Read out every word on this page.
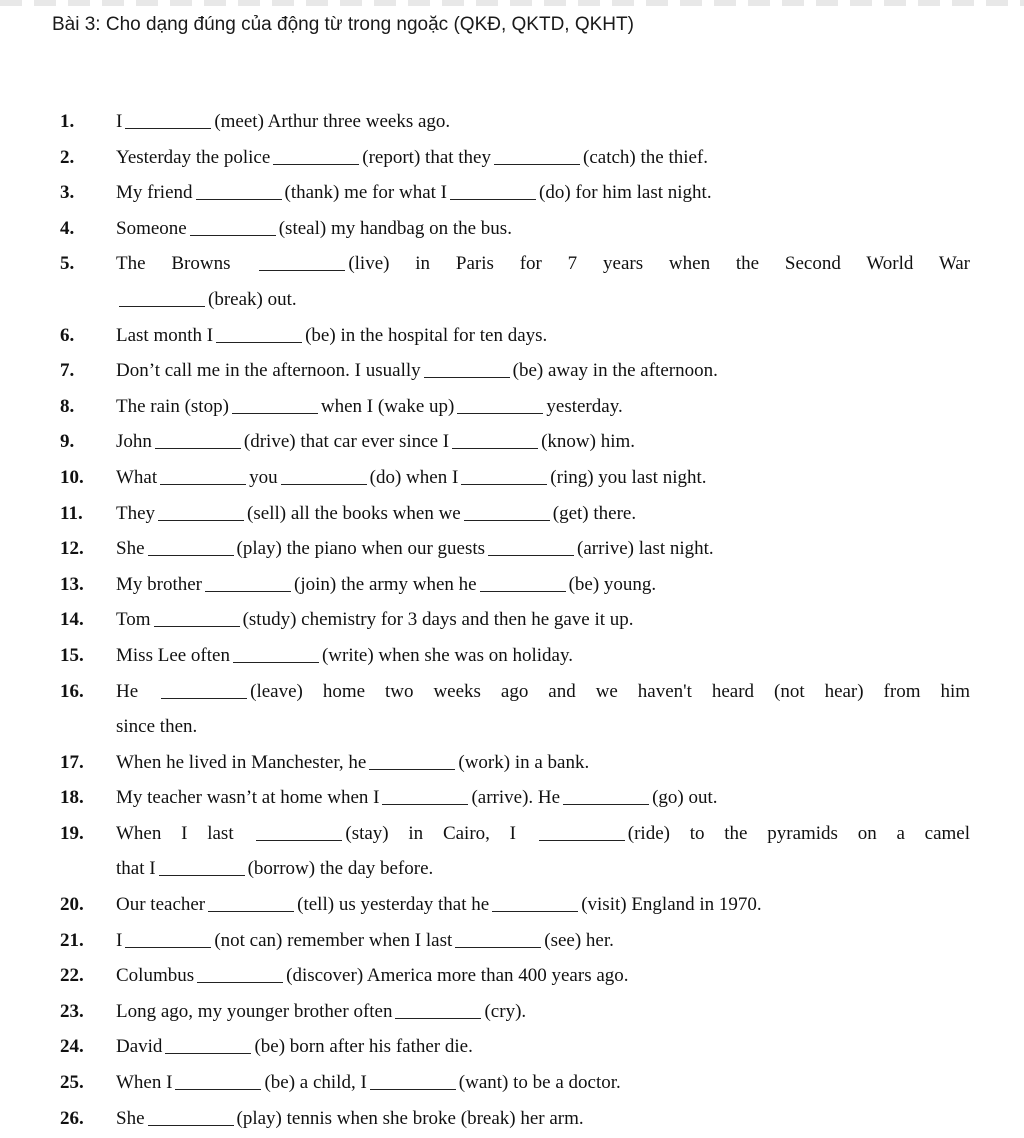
Bài 3: Cho dạng đúng của động từ trong ngoặc (QKĐ, QKTD, QKHT)
1.	I	(meet) Arthur three weeks ago.
2.	Yesterday the police	(report) that they	(catch) the thief.
3.	My friend	(thank) me for what I	(do) for him last night.
4.	Someone	(steal) my handbag on the bus.
5.	The Browns	(live) in Paris for 7 years when the Second World War
(break) out.
6.	Last month I	(be) in the hospital for ten days.
7.	Don’t call me in the afternoon. I usually	(be) away in the afternoon.
8.	The rain (stop)	when I (wake up)	yesterday.
9.	John	(drive) that car ever since I	(know) him.
10.	What	you	(do) when I	(ring) you last night.
11.	They	(sell) all the books when we	(get) there.
12.	She	(play) the piano when our guests	(arrive) last night.
13.	My brother	(join) the army when he	(be) young.
14.	Tom	(study) chemistry for 3 days and then he gave it up.
15.	Miss Lee often	(write) when she was on holiday.
16.	He	(leave) home two weeks ago and we haven't heard (not hear) from him
since then.
17.	When he lived in Manchester, he	(work) in a bank.
18.	My teacher wasn’t at home when I	(arrive). He	(go) out.
19.	When I last	(stay) in Cairo, I	(ride) to the pyramids on a camel
that I	(borrow) the day before.
20.	Our teacher	(tell) us yesterday that he	(visit) England in 1970.
21.	I	(not can) remember when I last	(see) her.
22.	Columbus	(discover) America more than 400 years ago.
23.	Long ago, my younger brother often	(cry).
24.	David	(be) born after his father die.
25.	When I	(be) a child, I	(want) to be a doctor.
26.	She	(play) tennis when she broke (break) her arm.
